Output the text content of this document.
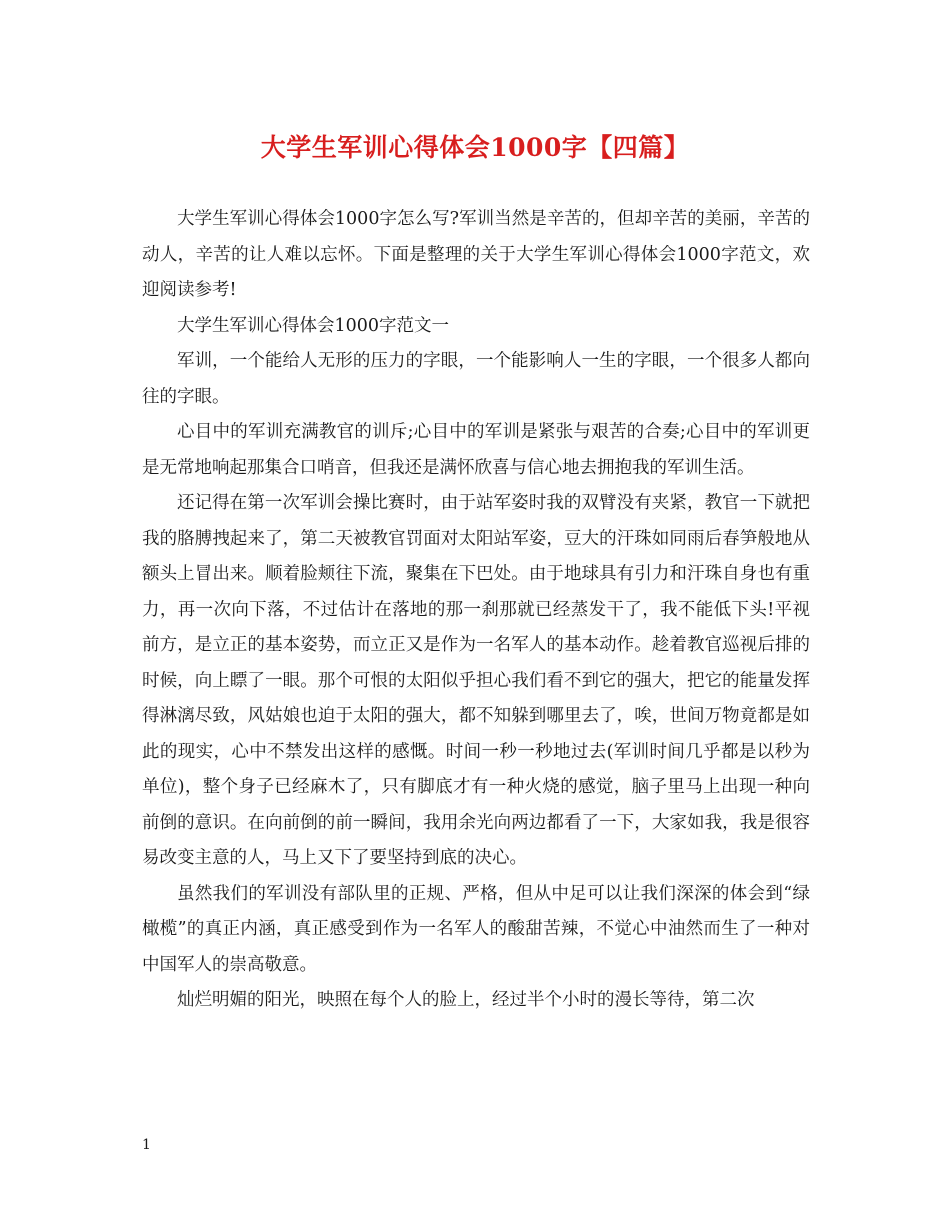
大学生军训心得体会1000字【四篇】

大学生军训心得体会1000字怎么写?军训当然是辛苦的，但却辛苦的美丽，辛苦的动人，辛苦的让人难以忘怀。下面是整理的关于大学生军训心得体会1000字范文，欢迎阅读参考!

大学生军训心得体会1000字范文一

军训，一个能给人无形的压力的字眼，一个能影响人一生的字眼，一个很多人都向往的字眼。

心目中的军训充满教官的训斥;心目中的军训是紧张与艰苦的合奏;心目中的军训更是无常地响起那集合口哨音，但我还是满怀欣喜与信心地去拥抱我的军训生活。

还记得在第一次军训会操比赛时，由于站军姿时我的双臂没有夹紧，教官一下就把我的胳膊拽起来了，第二天被教官罚面对太阳站军姿，豆大的汗珠如同雨后春笋般地从额头上冒出来。顺着脸颊往下流，聚集在下巴处。由于地球具有引力和汗珠自身也有重力，再一次向下落，不过估计在落地的那一刹那就已经蒸发干了，我不能低下头!平视前方，是立正的基本姿势，而立正又是作为一名军人的基本动作。趁着教官巡视后排的时候，向上瞟了一眼。那个可恨的太阳似乎担心我们看不到它的强大，把它的能量发挥得淋漓尽致，风姑娘也迫于太阳的强大，都不知躲到哪里去了，唉，世间万物竟都是如此的现实，心中不禁发出这样的感慨。时间一秒一秒地过去(军训时间几乎都是以秒为单位)，整个身子已经麻木了，只有脚底才有一种火烧的感觉，脑子里马上出现一种向前倒的意识。在向前倒的前一瞬间，我用余光向两边都看了一下，大家如我，我是很容易改变主意的人，马上又下了要坚持到底的决心。

虽然我们的军训没有部队里的正规、严格，但从中足可以让我们深深的体会到“绿橄榄”的真正内涵，真正感受到作为一名军人的酸甜苦辣，不觉心中油然而生了一种对中国军人的崇高敬意。

灿烂明媚的阳光，映照在每个人的脸上，经过半个小时的漫长等待，第二次

1
